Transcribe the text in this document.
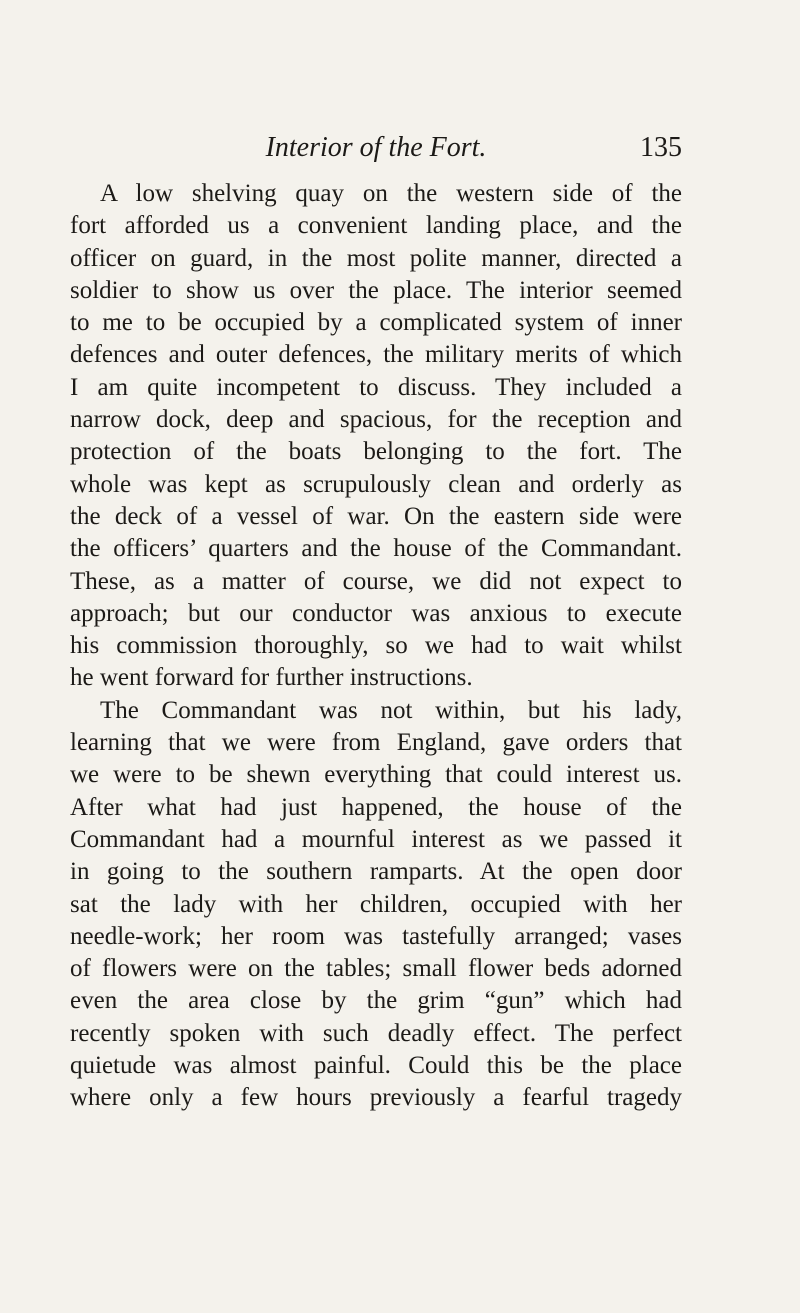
Interior of the Fort.	135
A low shelving quay on the western side of the
fort afforded us a convenient landing place, and the
officer on guard, in the most polite manner, directed a
soldier to show us over the place. The interior seemed
to me to be occupied by a complicated system of inner
defences and outer defences, the military merits of which
I am quite incompetent to discuss. They included a
narrow dock, deep and spacious, for the reception and
protection of the boats belonging to the fort. The
whole was kept as scrupulously clean and orderly as
the deck of a vessel of war. On the eastern side were
the officers’ quarters and the house of the Commandant.
These, as a matter of course, we did not expect to
approach; but our conductor was anxious to execute
his commission thoroughly, so we had to wait whilst
he went forward for further instructions.
The Commandant was not within, but his lady,
learning that we were from England, gave orders that
we were to be shewn everything that could interest us.
After what had just happened, the house of the
Commandant had a mournful interest as we passed it
in going to the southern ramparts. At the open door
sat the lady with her children, occupied with her
needle-work; her room was tastefully arranged; vases
of flowers were on the tables; small flower beds adorned
even the area close by the grim “gun” which had
recently spoken with such deadly effect. The perfect
quietude was almost painful. Could this be the place
where only a few hours previously a fearful tragedy
